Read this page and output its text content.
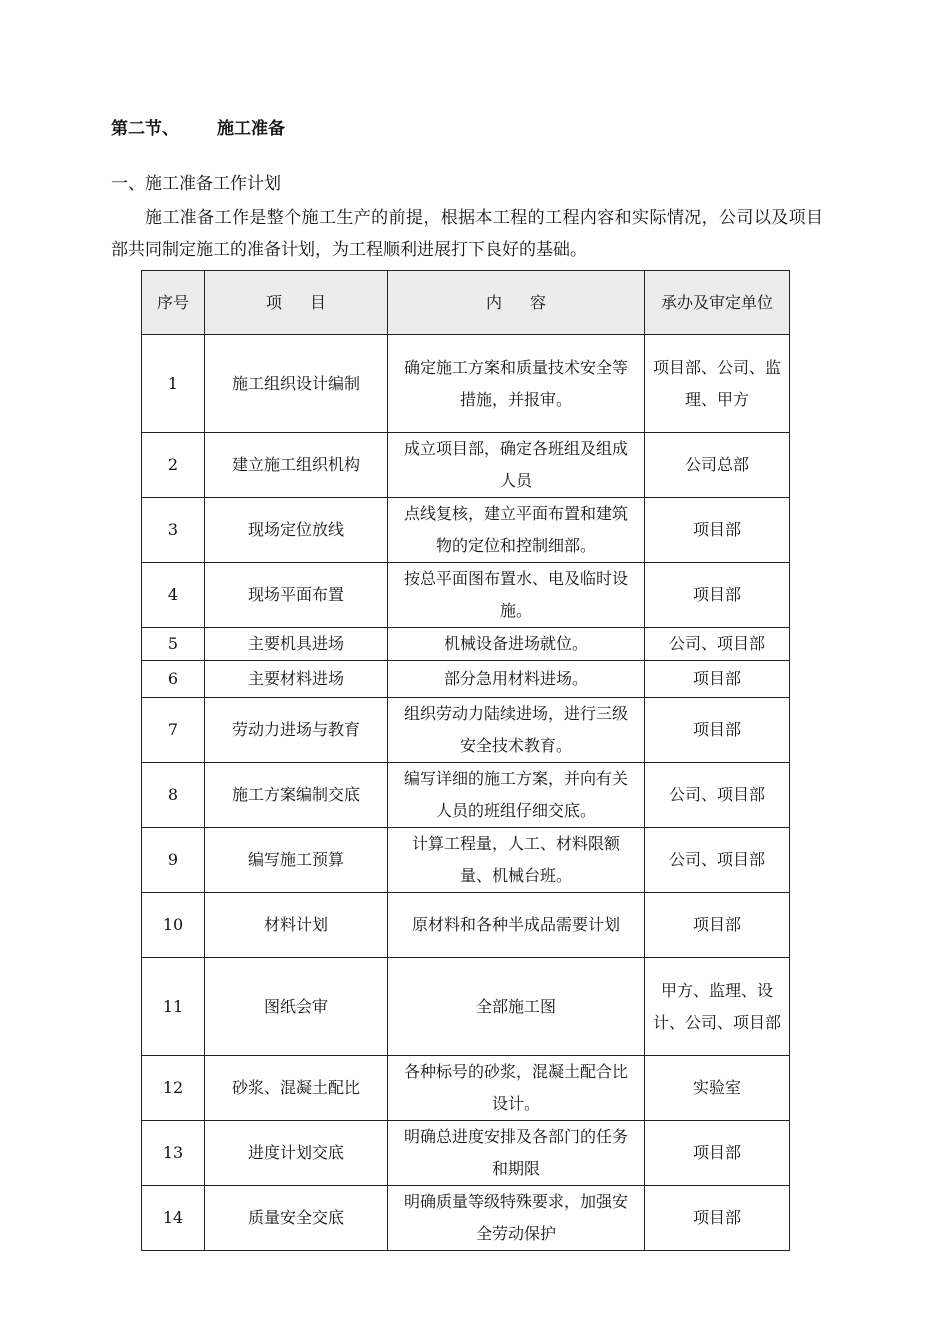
第二节、 施工准备
一、施工准备工作计划

施工准备工作是整个施工生产的前提，根据本工程的工程内容和实际情况，公司以及项目部共同制定施工的准备计划，为工程顺利进展打下良好的基础。

序号	项目	内容	承办及审定单位
1	施工组织设计编制	确定施工方案和质量技术安全等措施，并报审。	项目部、公司、监理、甲方
2	建立施工组织机构	成立项目部，确定各班组及组成人员	公司总部
3	现场定位放线	点线复核，建立平面布置和建筑物的定位和控制细部。	项目部
4	现场平面布置	按总平面图布置水、电及临时设施。	项目部
5	主要机具进场	机械设备进场就位。	公司、项目部
6	主要材料进场	部分急用材料进场。	项目部
7	劳动力进场与教育	组织劳动力陆续进场，进行三级安全技术教育。	项目部
8	施工方案编制交底	编写详细的施工方案，并向有关人员的班组仔细交底。	公司、项目部
9	编写施工预算	计算工程量，人工、材料限额量、机械台班。	公司、项目部
10	材料计划	原材料和各种半成品需要计划	项目部
11	图纸会审	全部施工图	甲方、监理、设计、公司、项目部
12	砂浆、混凝土配比	各种标号的砂浆，混凝土配合比设计。	实验室
13	进度计划交底	明确总进度安排及各部门的任务和期限	项目部
14	质量安全交底	明确质量等级特殊要求，加强安全劳动保护	项目部
